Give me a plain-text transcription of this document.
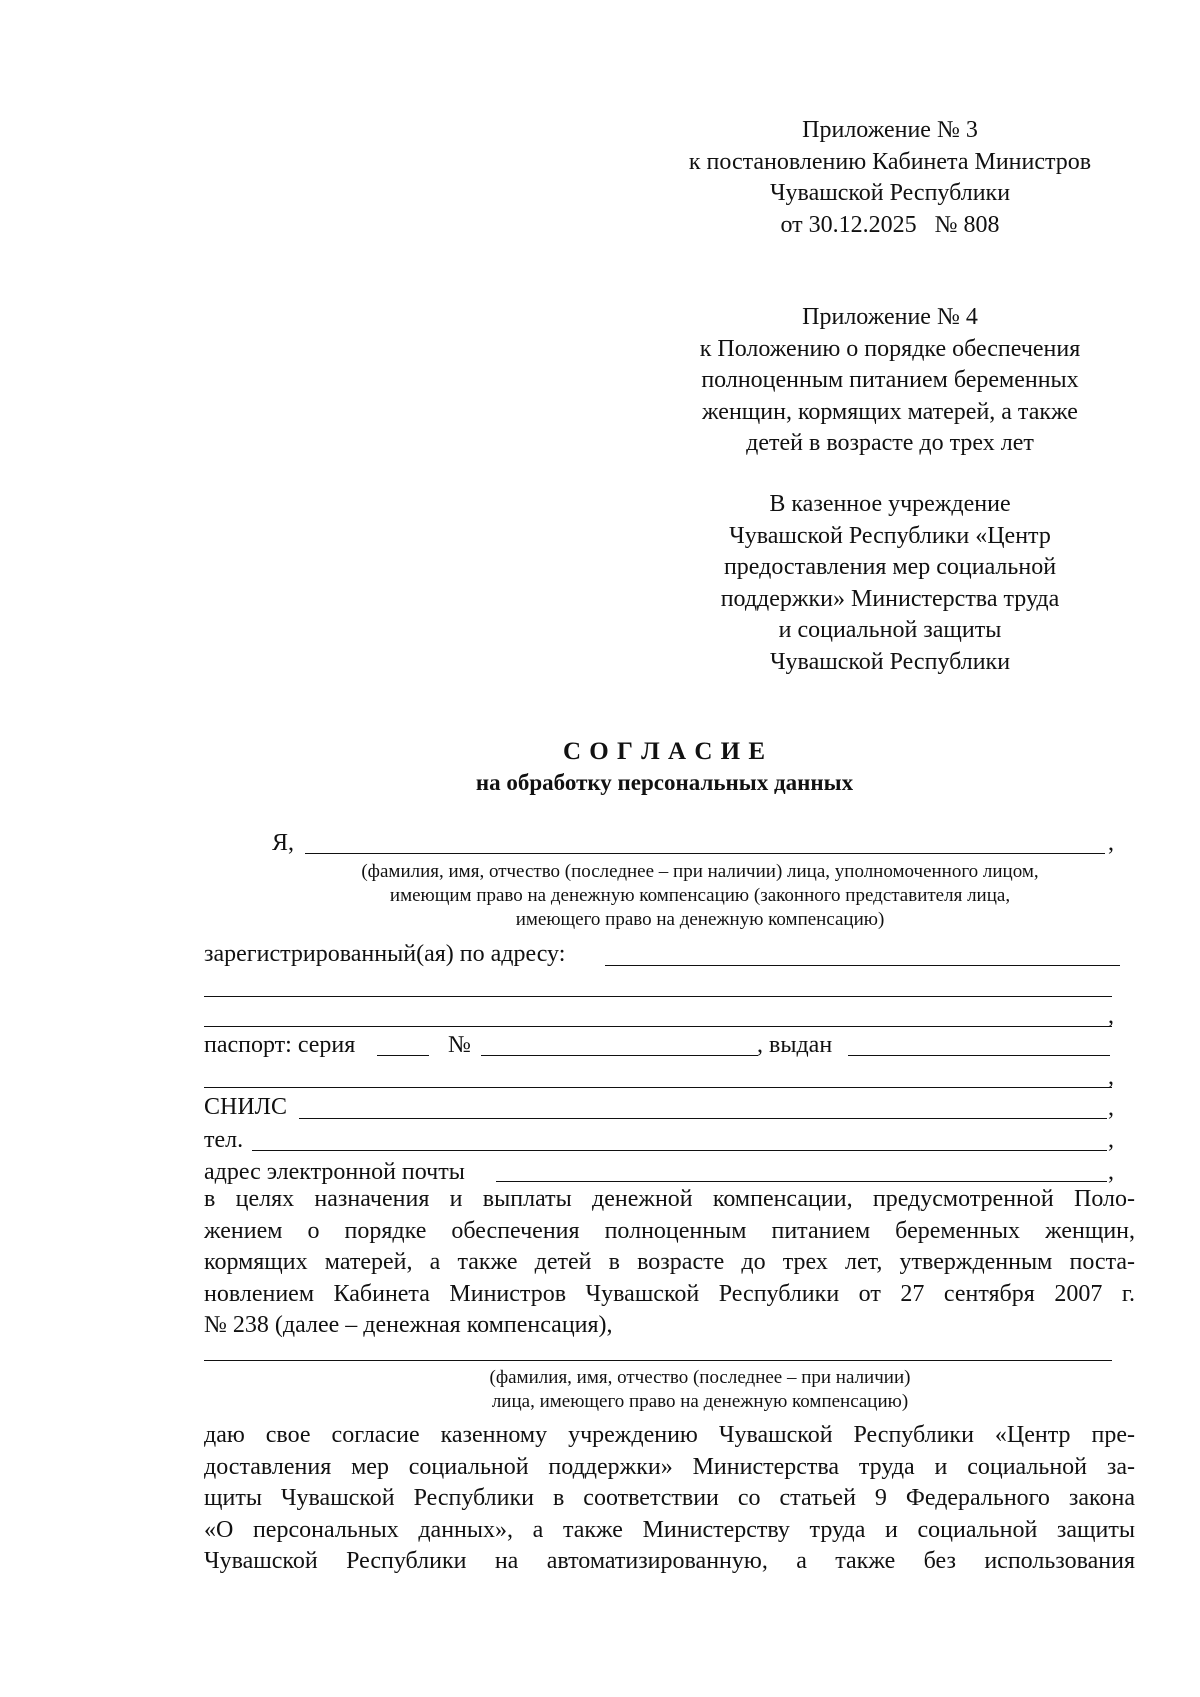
Приложение № 3
к постановлению Кабинета Министров
Чувашской Республики
от 30.12.2025   № 808
Приложение № 4
к Положению о порядке обеспечения
полноценным питанием беременных
женщин, кормящих матерей, а также
детей в возрасте до трех лет
В казенное учреждение
Чувашской Республики «Центр
предоставления мер социальной
поддержки» Министерства труда
и социальной защиты
Чувашской Республики
С О Г Л А С И Е
на обработку персональных данных
Я,	,
(фамилия, имя, отчество (последнее – при наличии) лица, уполномоченного лицом,
имеющим право на денежную компенсацию (законного представителя лица,
имеющего право на денежную компенсацию)
зарегистрированный(ая) по адресу:
,
паспорт: серия	№	, выдан
,
СНИЛС	,
тел.	,
адрес электронной почты	,
в целях назначения и выплаты денежной компенсации, предусмотренной Поло-
жением о порядке обеспечения полноценным питанием беременных женщин,
кормящих матерей, а также детей в возрасте до трех лет, утвержденным поста-
новлением Кабинета Министров Чувашской Республики от 27 сентября 2007 г.
№ 238 (далее – денежная компенсация),
(фамилия, имя, отчество (последнее – при наличии)
лица, имеющего право на денежную компенсацию)
даю свое согласие казенному учреждению Чувашской Республики «Центр пре-
доставления мер социальной поддержки» Министерства труда и социальной за-
щиты Чувашской Республики в соответствии со статьей 9 Федерального закона
«О персональных данных», а также Министерству труда и социальной защиты
Чувашской Республики на автоматизированную, а также без использования
